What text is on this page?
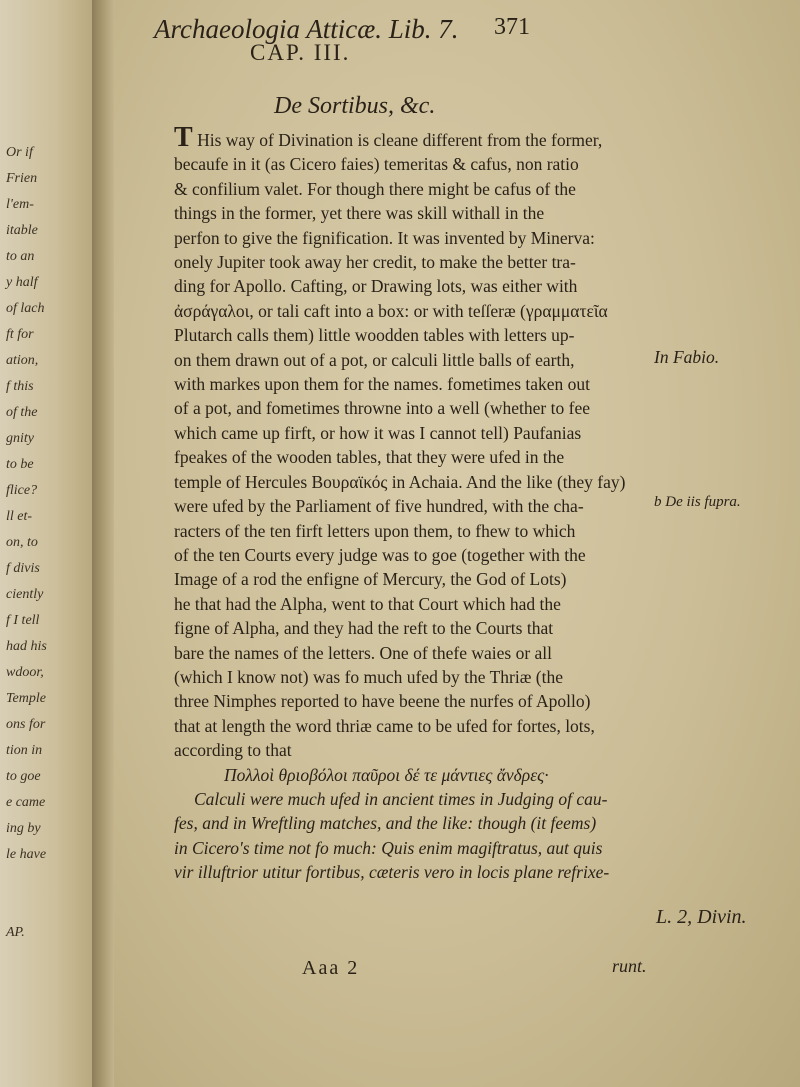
Or if
Frien
l'em-
itable
to an
y half
of lach
ft for
ation,
f this
of the
gnity
to be
flice?
ll et-
on, to
f divis
ciently
f I tell
had his
wdoor,
Temple
ons for
tion in
to goe
e came
ing by
le have
AP.
Archaeologia Atticæ. Lib. 7.	371
CAP. III.
De Sortibus, &c.
T His way of Divination is cleane different from the former,
becaufe in it (as Cicero faies) temeritas & cafus, non ratio
& confilium valet. For though there might be cafus of the
things in the former, yet there was skill withall in the
perfon to give the fignification. It was invented by Minerva:
onely Jupiter took away her credit, to make the better tra-
ding for Apollo. Cafting, or Drawing lots, was either with
ἀσράγαλοι, or tali caft into a box: or with teſſeræ (γραμματεῖα
Plutarch calls them) little woodden tables with letters up-
on them drawn out of a pot, or calculi little balls of earth,
with markes upon them for the names. fometimes taken out
of a pot, and fometimes throwne into a well (whether to fee
which came up firft, or how it was I cannot tell) Paufanias
fpeakes of the wooden tables, that they were ufed in the
temple of Hercules Βουραϊκός in Achaia. And the like (they fay)
were ufed by the Parliament of five hundred, with the cha-
racters of the ten firft letters upon them, to fhew to which
of the ten Courts every judge was to goe (together with the
Image of a rod the enfigne of Mercury, the God of Lots)
he that had the Alpha, went to that Court which had the
figne of Alpha, and they had the reft to the Courts that
bare the names of the letters. One of thefe waies or all
(which I know not) was fo much ufed by the Thriæ (the
three Nimphes reported to have beene the nurfes of Apollo)
that at length the word thriæ came to be ufed for fortes, lots,
according to that
Πολλοὶ θριοβόλοι παῦροι δέ τε μάντιες ἄνδρες·
Calculi were much ufed in ancient times in Judging of cau-
fes, and in Wreftling matches, and the like: though (it feems)
in Cicero's time not fo much: Quis enim magiftratus, aut quis
vir illuftrior utitur fortibus, cæteris vero in locis plane refrixe-
In Fabio.
b De iis fupra.
L. 2, Divin.
Aaa 2	runt.
